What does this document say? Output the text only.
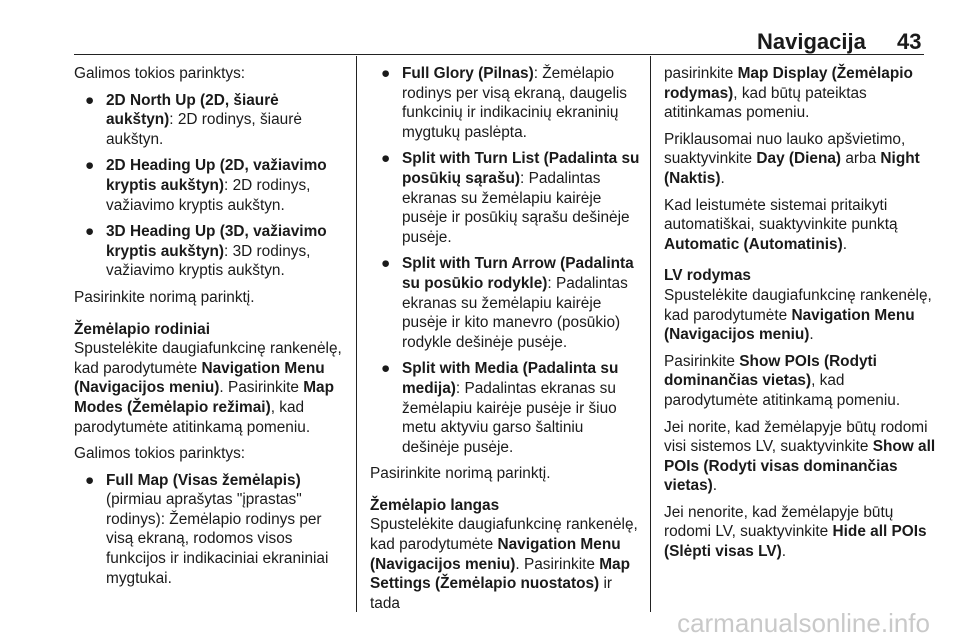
Navigacija 43

Galimos tokios parinktys:

● 2D North Up (2D, šiaurė aukštyn): 2D rodinys, šiaurė aukštyn.
● 2D Heading Up (2D, važiavimo kryptis aukštyn): 2D rodinys, važiavimo kryptis aukštyn.
● 3D Heading Up (3D, važiavimo kryptis aukštyn): 3D rodinys, važiavimo kryptis aukštyn.

Pasirinkite norimą parinktį.

Žemėlapio rodiniai

Spustelėkite daugiafunkcinę rankenėlę, kad parodytumėte Navigation Menu (Navigacijos meniu). Pasirinkite Map Modes (Žemėlapio režimai), kad parodytumėte atitinkamą pomeniu.

Galimos tokios parinktys:

● Full Map (Visas žemėlapis) (pirmiau aprašytas "įprastas" rodinys): Žemėlapio rodinys per visą ekraną, rodomos visos funkcijos ir indikaciniai ekraniniai mygtukai.
● Full Glory (Pilnas): Žemėlapio rodinys per visą ekraną, daugelis funkcinių ir indikacinių ekraninių mygtukų paslėpta.
● Split with Turn List (Padalinta su posūkių sąrašu): Padalintas ekranas su žemėlapiu kairėje pusėje ir posūkių sąrašu dešinėje pusėje.
● Split with Turn Arrow (Padalinta su posūkio rodykle): Padalintas ekranas su žemėlapiu kairėje pusėje ir kito manevro (posūkio) rodykle dešinėje pusėje.
● Split with Media (Padalinta su medija): Padalintas ekranas su žemėlapiu kairėje pusėje ir šiuo metu aktyviu garso šaltiniu dešinėje pusėje.

Pasirinkite norimą parinktį.

Žemėlapio langas

Spustelėkite daugiafunkcinę rankenėlę, kad parodytumėte Navigation Menu (Navigacijos meniu). Pasirinkite Map Settings (Žemėlapio nuostatos) ir tada

pasirinkite Map Display (Žemėlapio rodymas), kad būtų pateiktas atitinkamas pomeniu.

Priklausomai nuo lauko apšvietimo, suaktyvinkite Day (Diena) arba Night (Naktis).

Kad leistumėte sistemai pritaikyti automatiškai, suaktyvinkite punktą Automatic (Automatinis).

LV rodymas

Spustelėkite daugiafunkcinę rankenėlę, kad parodytumėte Navigation Menu (Navigacijos meniu).

Pasirinkite Show POIs (Rodyti dominančias vietas), kad parodytumėte atitinkamą pomeniu.

Jei norite, kad žemėlapyje būtų rodomi visi sistemos LV, suaktyvinkite Show all POIs (Rodyti visas dominančias vietas).

Jei nenorite, kad žemėlapyje būtų rodomi LV, suaktyvinkite Hide all POIs (Slėpti visas LV).

carmanualsonline.info
